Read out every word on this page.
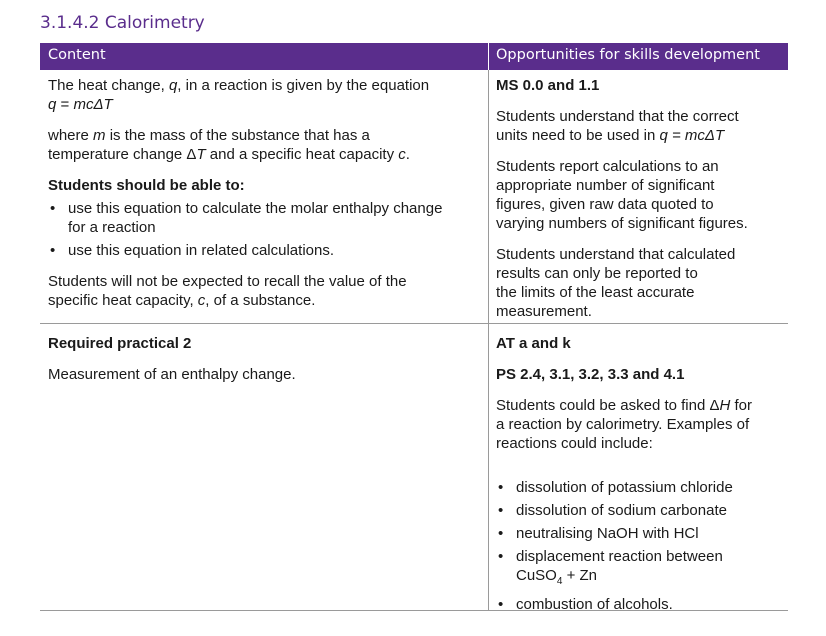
3.1.4.2 Calorimetry
Content	Opportunities for skills development

The heat change, q, in a reaction is given by the equation
q = mcΔT

where m is the mass of the substance that has a
temperature change ΔT and a specific heat capacity c.

Students should be able to:

• use this equation to calculate the molar enthalpy change
for a reaction

• use this equation in related calculations.

Students will not be expected to recall the value of the
specific heat capacity, c, of a substance.

MS 0.0 and 1.1

Students understand that the correct
units need to be used in q = mcΔT

Students report calculations to an
appropriate number of significant
figures, given raw data quoted to
varying numbers of significant figures.

Students understand that calculated
results can only be reported to
the limits of the least accurate
measurement.

Required practical 2

Measurement of an enthalpy change.

AT a and k

PS 2.4, 3.1, 3.2, 3.3 and 4.1

Students could be asked to find ΔH for
a reaction by calorimetry. Examples of
reactions could include:

• dissolution of potassium chloride

• dissolution of sodium carbonate

• neutralising NaOH with HCl

• displacement reaction between
CuSO$_4$ + Zn

• combustion of alcohols.
